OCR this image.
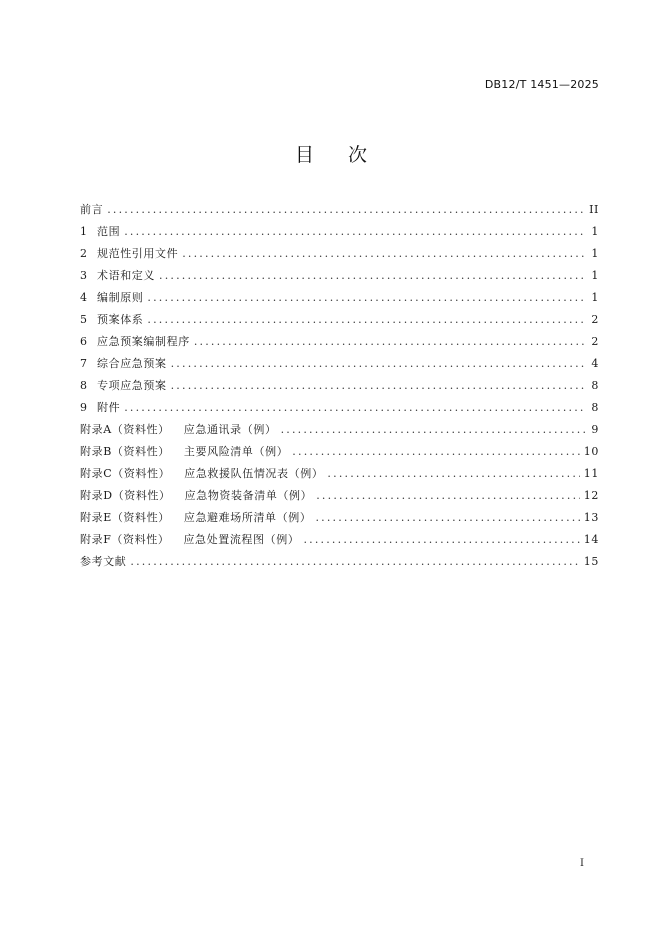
DB12/T 1451—2025
目 次
前言 .....	II
1 范围 .....	1
2 规范性引用文件 .....	1
3 术语和定义 .....	1
4 编制原则 .....	1
5 预案体系 .....	2
6 应急预案编制程序 .....	2
7 综合应急预案 .....	4
8 专项应急预案 .....	8
9 附件 .....	8
附录A（资料性） 应急通讯录（例） .....	9
附录B（资料性） 主要风险清单（例） .....	10
附录C（资料性） 应急救援队伍情况表（例） .....	11
附录D（资料性） 应急物资装备清单（例） .....	12
附录E（资料性） 应急避难场所清单（例） .....	13
附录F（资料性） 应急处置流程图（例） .....	14
参考文献 .....	15
I
